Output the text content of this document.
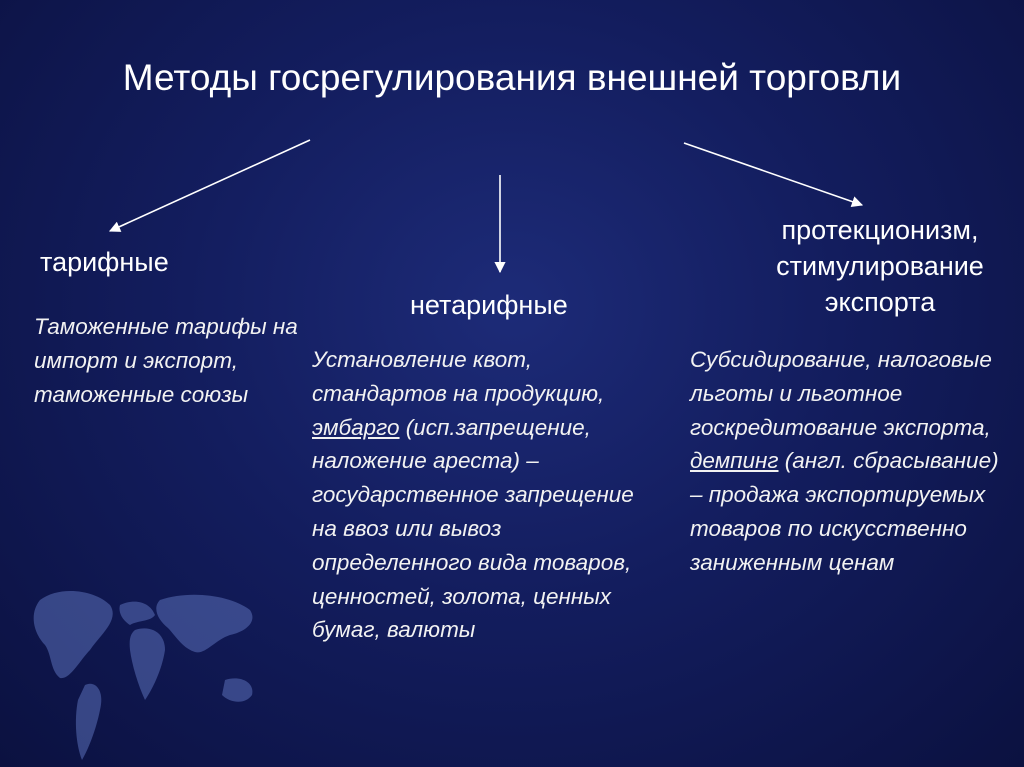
Методы госрегулирования внешней торговли
тарифные
нетарифные
протекционизм, стимулирование экспорта

Таможенные тарифы на импорт и экспорт, таможенные союзы

Установление квот, стандартов на продукцию, эмбарго (исп.запрещение, наложение ареста) – государственное запрещение на ввоз или вывоз определенного вида товаров, ценностей, золота, ценных бумаг, валюты

Субсидирование, налоговые льготы и льготное госкредитование экспорта, демпинг (англ. сбрасывание) – продажа экспортируемых товаров по искусственно заниженным ценам
